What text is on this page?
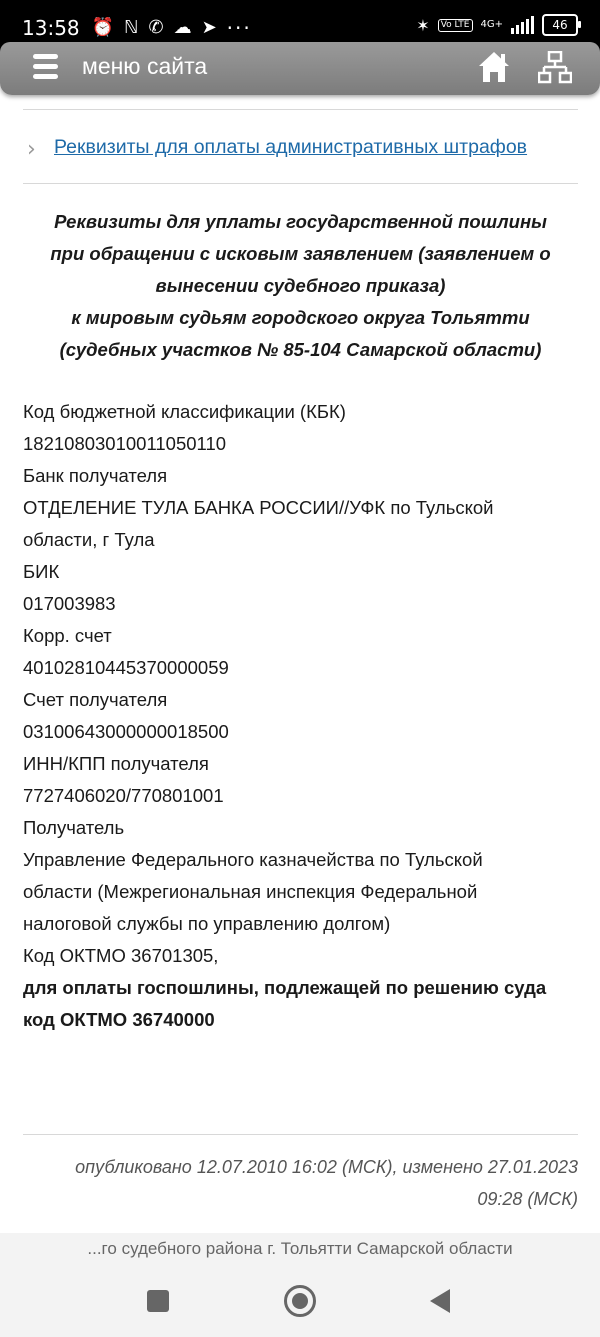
13:58 ⏰ ℕ ✆ ☁ ➤ ···	✶	Vo LTE	4G+	46
меню сайта
› Реквизиты для оплаты административных штрафов
Реквизиты для уплаты государственной пошлины
при обращении с исковым заявлением (заявлением о
вынесении судебного приказа)
к мировым судьям городского округа Тольятти
(судебных участков № 85-104 Самарской области)
Код бюджетной классификации (КБК)
18210803010011050110
Банк получателя
ОТДЕЛЕНИЕ ТУЛА БАНКА РОССИИ//УФК по Тульской
области, г Тула
БИК
017003983
Корр. счет
40102810445370000059
Счет получателя
03100643000000018500
ИНН/КПП получателя
7727406020/770801001
Получатель
Управление Федерального казначейства по Тульской
области (Межрегиональная инспекция Федеральной
налоговой службы по управлению долгом)
Код ОКТМО 36701305,
для оплаты госпошлины, подлежащей по решению суда
код ОКТМО 36740000
опубликовано 12.07.2010 16:02 (МСК), изменено 27.01.2023
09:28 (МСК)
...го судебного района г. Тольятти Самарской области
